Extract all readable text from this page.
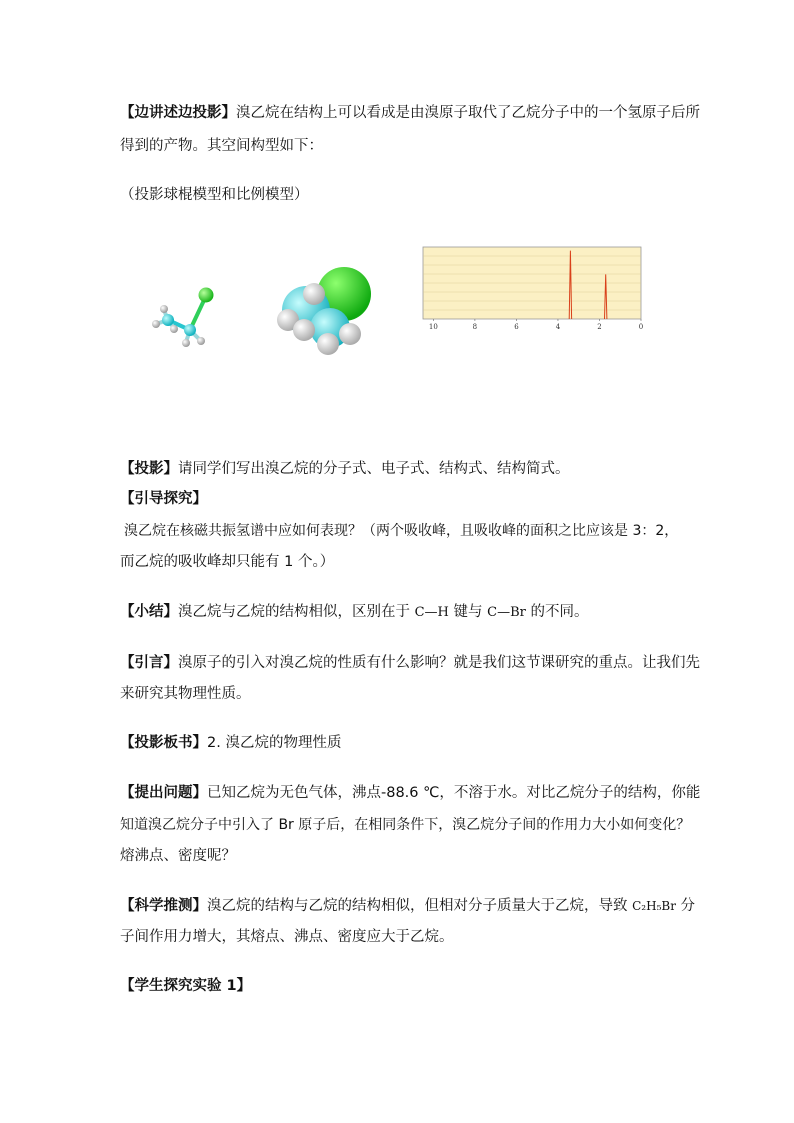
【边讲述边投影】溴乙烷在结构上可以看成是由溴原子取代了乙烷分子中的一个氢原子后所
得到的产物。其空间构型如下：
（投影球棍模型和比例模型）
10	8	6	4	2	0
【投影】请同学们写出溴乙烷的分子式、电子式、结构式、结构简式。
【引导探究】
溴乙烷在核磁共振氢谱中应如何表现？（两个吸收峰，且吸收峰的面积之比应该是 3：2，
而乙烷的吸收峰却只能有 1 个。）
【小结】溴乙烷与乙烷的结构相似，区别在于 C—H 键与 C—Br 的不同。
【引言】溴原子的引入对溴乙烷的性质有什么影响？就是我们这节课研究的重点。让我们先
来研究其物理性质。
【投影板书】2. 溴乙烷的物理性质
【提出问题】已知乙烷为无色气体，沸点-88.6 ℃，不溶于水。对比乙烷分子的结构，你能
知道溴乙烷分子中引入了 Br 原子后，在相同条件下，溴乙烷分子间的作用力大小如何变化？
熔沸点、密度呢？
【科学推测】溴乙烷的结构与乙烷的结构相似，但相对分子质量大于乙烷，导致 C₂H₅Br 分
子间作用力增大，其熔点、沸点、密度应大于乙烷。
【学生探究实验 1】
